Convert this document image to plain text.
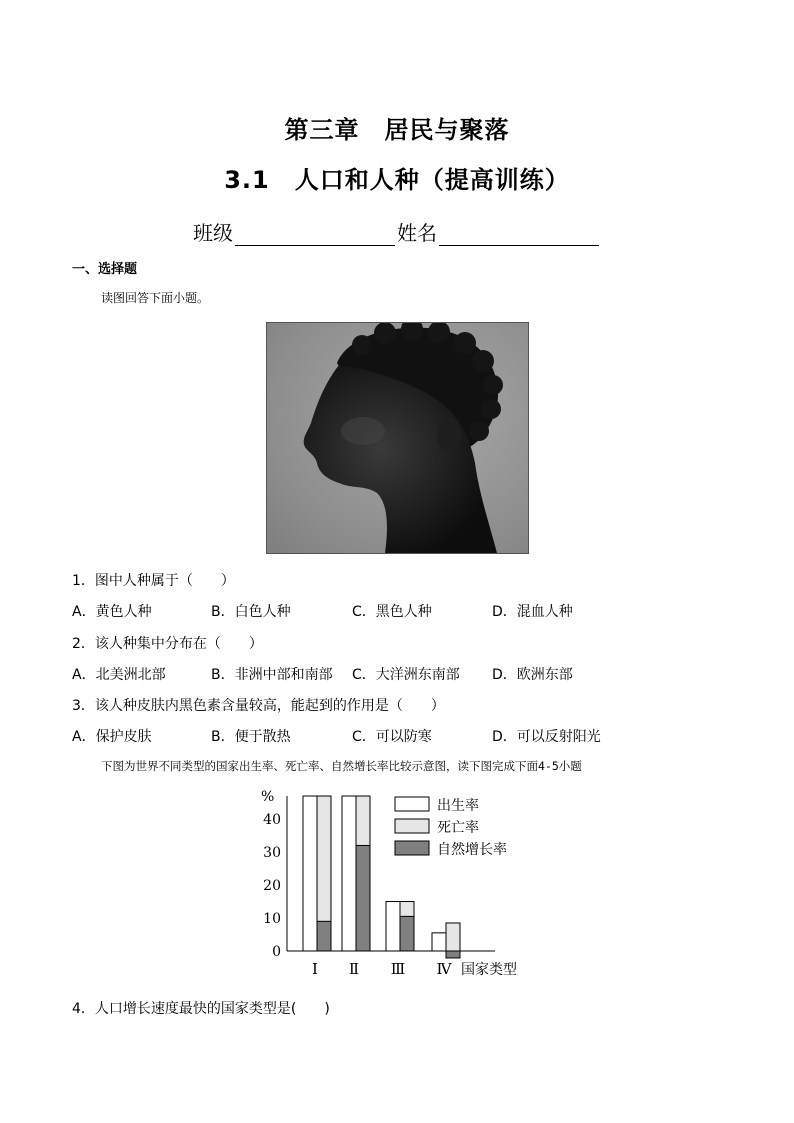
第三章　居民与聚落
3.1　人口和人种（提高训练）
班级	姓名
一、选择题
读图回答下面小题。
1．图中人种属于（　　）
A．黄色人种	B．白色人种	C．黑色人种	D．混血人种
2．该人种集中分布在（　　）
A．北美洲北部	B．非洲中部和南部 C．大洋洲东南部 D．欧洲东部
3．该人种皮肤内黑色素含量较高，能起到的作用是（　　）
A．保护皮肤	B．便于散热	C．可以防寒	D．可以反射阳光
下图为世界不同类型的国家出生率、死亡率、自然增长率比较示意图，读下图完成下面4-5小题
0
10
20
30
40
%
Ⅰ Ⅱ Ⅲ Ⅳ 国家类型
出生率
死亡率
自然增长率
4．人口增长速度最快的国家类型是(　　)
